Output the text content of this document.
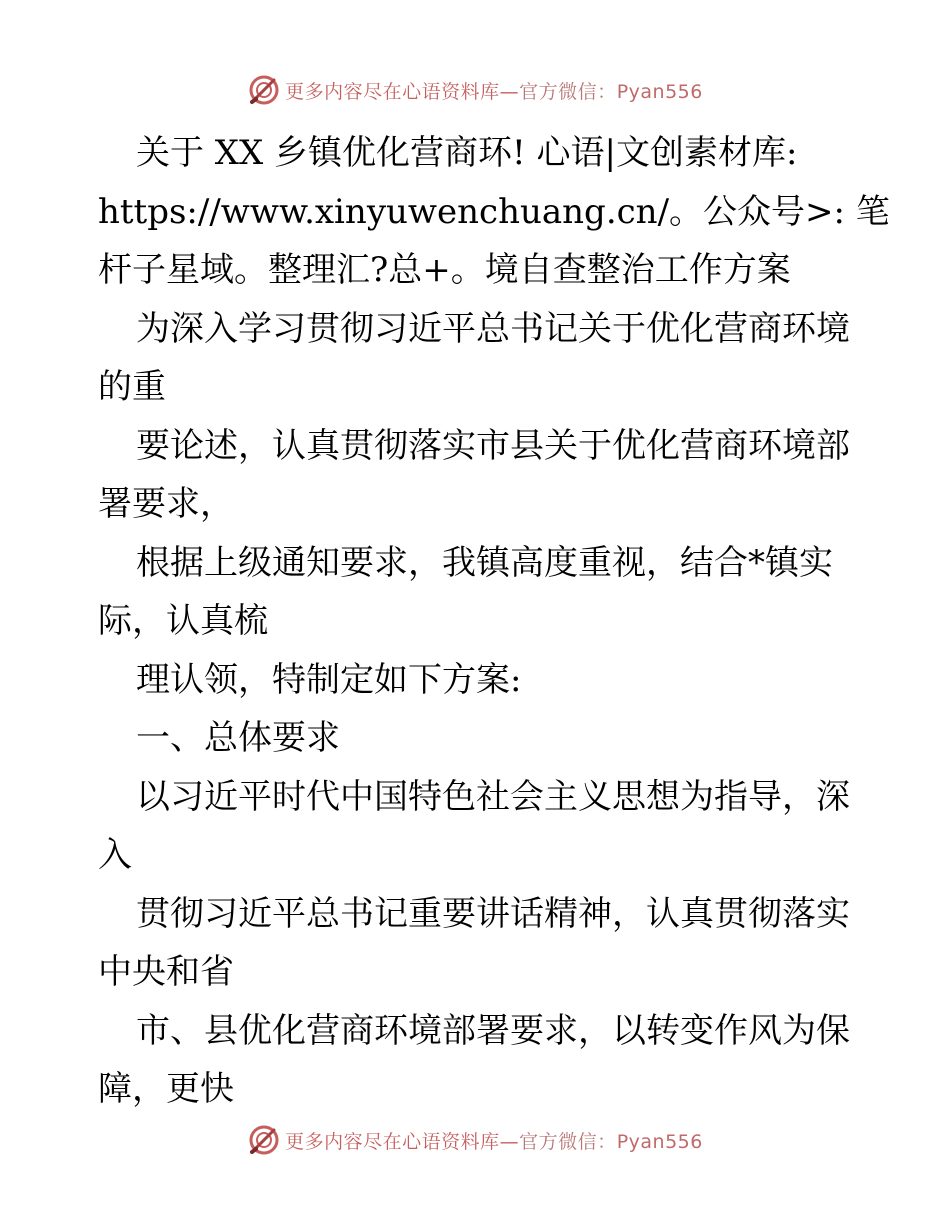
更多内容尽在心语资料库—官方微信：Pyan556

关于 XX 乡镇优化营商环! 心语|文创素材库:

https://www.xinyuwenchuang.cn/。公众号>: 笔

杆子星域。整理汇?总+。境自查整治工作方案

为深入学习贯彻习近平总书记关于优化营商环境

的重

要论述，认真贯彻落实市县关于优化营商环境部

署要求，

根据上级通知要求，我镇高度重视，结合*镇实

际，认真梳

理认领，特制定如下方案:

一、总体要求

以习近平时代中国特色社会主义思想为指导，深

入

贯彻习近平总书记重要讲话精神，认真贯彻落实

中央和省

市、县优化营商环境部署要求，以转变作风为保

障，更快

更多内容尽在心语资料库—官方微信：Pyan556
